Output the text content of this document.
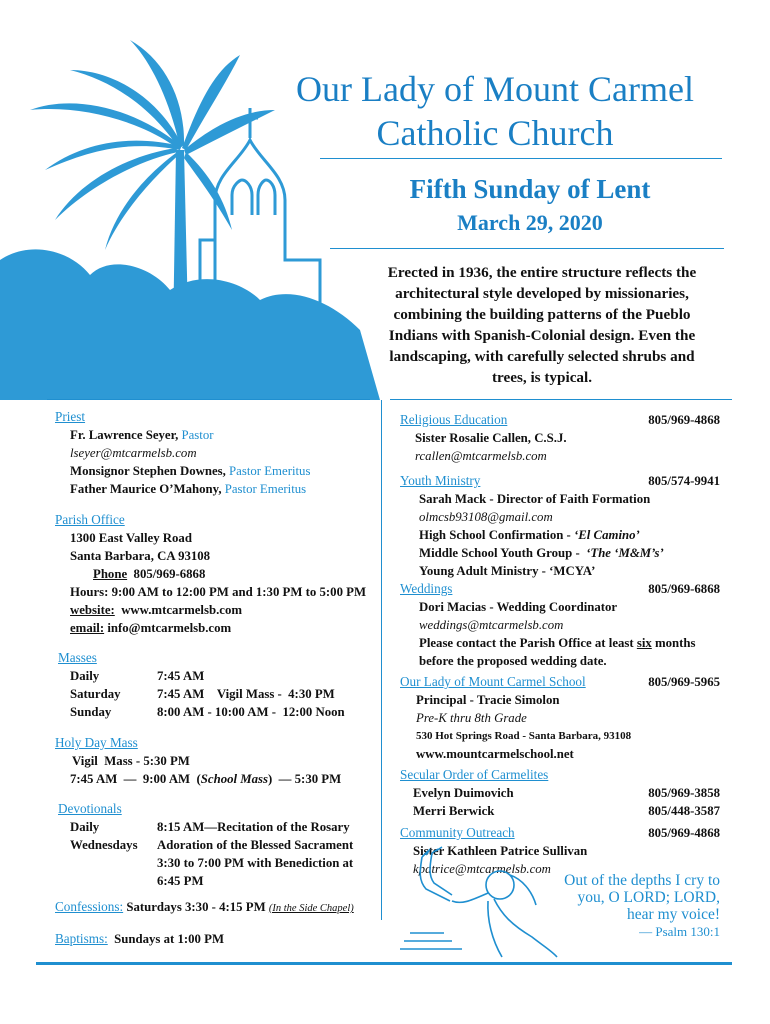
Our Lady of Mount Carmel
Catholic Church
Fifth Sunday of Lent
March 29, 2020
Erected in 1936, the entire structure reflects the
architectural style developed by missionaries,
combining the building patterns of the Pueblo
Indians with Spanish-Colonial design. Even the
landscaping, with carefully selected shrubs and
trees, is typical.
Priest
Fr. Lawrence Seyer, Pastor
lseyer@mtcarmelsb.com
Monsignor Stephen Downes, Pastor Emeritus
Father Maurice O’Mahony, Pastor Emeritus
Parish Office
1300 East Valley Road
Santa Barbara, CA 93108
Phone 805/969-6868
Hours: 9:00 AM to 12:00 PM and 1:30 PM to 5:00 PM
website: www.mtcarmelsb.com
email: info@mtcarmelsb.com
Masses
Daily	7:45 AM
Saturday	7:45 AM    Vigil Mass -  4:30 PM
Sunday	8:00 AM - 10:00 AM -  12:00 Noon
Holy Day Mass
Vigil  Mass - 5:30 PM
7:45 AM  —  9:00 AM  (School Mass)  — 5:30 PM
Devotionals
Daily	8:15 AM—Recitation of the Rosary
Wednesdays Adoration of the Blessed Sacrament
3:30 to 7:00 PM with Benediction at
6:45 PM
Confessions: Saturdays 3:30 - 4:15 PM (In the Side Chapel)
Baptisms: Sundays at 1:00 PM
Religious Education	805/969-4868
Sister Rosalie Callen, C.S.J.
rcallen@mtcarmelsb.com
Youth Ministry	805/574-9941
Sarah Mack - Director of Faith Formation
olmcsb93108@gmail.com
High School Confirmation - ‘El Camino’
Middle School Youth Group -  ‘The ‘M&M’s’
Young Adult Ministry - ‘MCYA’
Weddings	805/969-6868
Dori Macias - Wedding Coordinator
weddings@mtcarmelsb.com
Please contact the Parish Office at least six months
before the proposed wedding date.
Our Lady of Mount Carmel School	805/969-5965
Principal - Tracie Simolon
Pre-K thru 8th Grade
530 Hot Springs Road - Santa Barbara, 93108
www.mountcarmelschool.net
Secular Order of Carmelites
Evelyn Duimovich	805/969-3858
Merri Berwick	805/448-3587
Community Outreach	805/969-4868
Sister Kathleen Patrice Sullivan
kpatrice@mtcarmelsb.com
Out of the depths I cry to
you, O LORD; LORD,
hear my voice!
— Psalm 130:1
